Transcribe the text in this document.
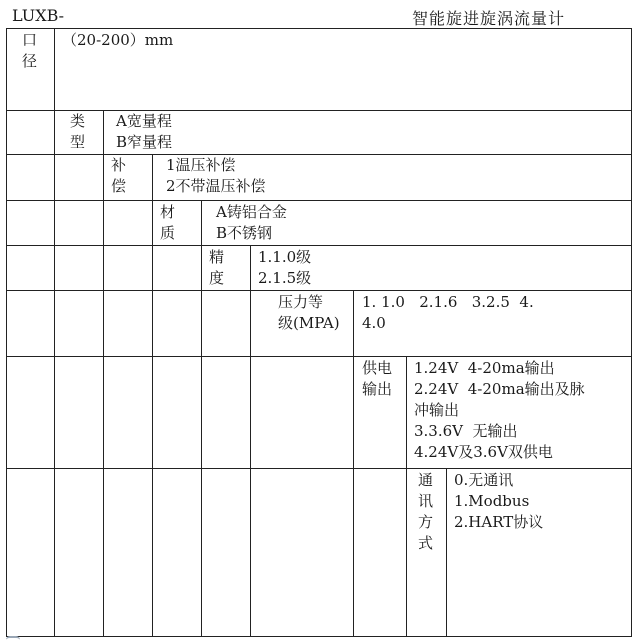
LUXB-	智能旋进旋涡流量计
口
径
（20-200）mm
类
型
A宽量程
B窄量程
补
偿
1温压补偿
2不带温压补偿
材
质
A铸铝合金
B不锈钢
精
度
1.1.0级
2.1.5级
压力等
级(MPA)
1. 1.0   2.1.6   3.2.5  4.
4.0
供电
输出
1.24V  4-20ma输出
2.24V  4-20ma输出及脉
冲输出
3.3.6V  无输出
4.24V及3.6V双供电
通
讯
方
式
0.无通讯
1.Modbus
2.HART协议
